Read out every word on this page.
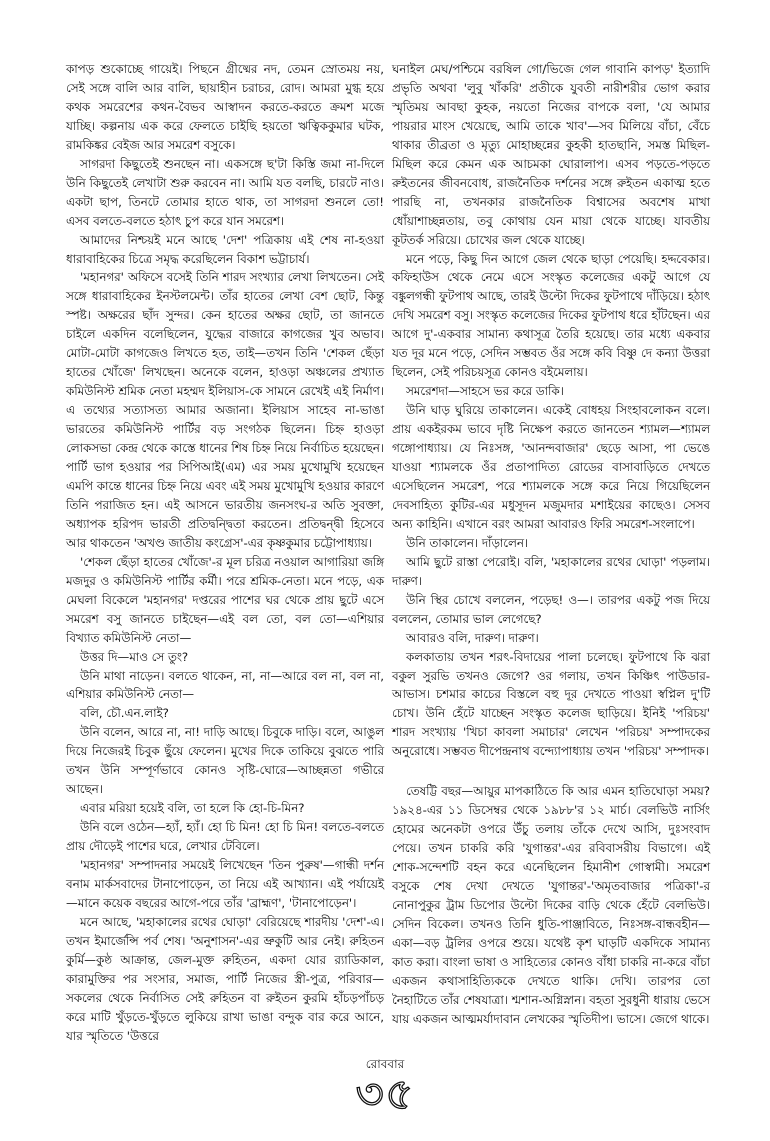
কাপড় শুকোচ্ছে গায়েই। পিছনে গ্রীষ্মের নদ, তেমন স্রোতময় নয়, সেই সঙ্গে বালি আর বালি, ছায়াহীন চরাচর, রোদ। আমরা মুগ্ধ হয়ে কথক সমরেশের কথন-বৈভব আস্বাদন করতে-করতে ক্রমশ মজে যাচ্ছি। কল্পনায় এক করে ফেলতে চাইছি হয়তো ঋত্বিককুমার ঘটক, রামকিঙ্কর বেইজ আর সমরেশ বসুকে।

সাগরদা কিছুতেই শুনছেন না। একসঙ্গে ছ'টা কিস্তি জমা না-দিলে উনি কিছুতেই লেখাটা শুরু করবেন না। আমি যত বলছি, চারটে নাও। একটা ছাপ, তিনটে তোমার হাতে থাক, তা সাগরদা শুনলে তো! এসব বলতে-বলতে হঠাৎ চুপ করে যান সমরেশ।

আমাদের নিশ্চয়ই মনে আছে 'দেশ' পত্রিকায় এই শেষ না-হওয়া ধারাবাহিকের চিত্রে সমৃদ্ধ করেছিলেন বিকাশ ভট্টাচার্য।

'মহানগর' অফিসে বসেই তিনি শারদ সংখ্যার লেখা লিখতেন। সেই সঙ্গে ধারাবাহিকের ইনস্টলমেন্ট। তাঁর হাতের লেখা বেশ ছোট, কিন্তু স্পষ্ট। অক্ষরের ছাঁদ সুন্দর। কেন হাতের অক্ষর ছোট, তা জানতে চাইলে একদিন বলেছিলেন, যুদ্ধের বাজারে কাগজের খুব অভাব। মোটা-মোটা কাগজেও লিখতে হত, তাই—তখন তিনি 'শেকল ছেঁড়া হাতের খোঁজে' লিখছেন। অনেকে বলেন, হাওড়া অঞ্চলের প্রখ্যাত কমিউনিস্ট শ্রমিক নেতা মহম্মদ ইলিয়াস-কে সামনে রেখেই এই নির্মাণ। এ তথ্যের সত্যাসত্য আমার অজানা। ইলিয়াস সাহেব না-ভাঙা ভারতের কমিউনিস্ট পার্টির বড় সংগঠক ছিলেন। চিহ্ন হাওড়া লোকসভা কেন্দ্র থেকে কাস্তে ধানের শিষ চিহ্ন নিয়ে নির্বাচিত হয়েছেন। পার্টি ভাগ হওয়ার পর সিপিআই(এম) এর সময় মুখোমুখি হয়েছেন এমপি কান্তে ধানের চিহ্ন নিয়ে এবং এই সময় মুখোমুখি হওয়ার কারণে তিনি পরাজিত হন। এই আসনে ভারতীয় জনসংঘ-র অতি সুবক্তা, অধ্যাপক হরিপদ ভারতী প্রতিদ্বন্দ্বিতা করতেন। প্রতিদ্বন্দ্বী হিসেবে আর থাকতেন 'অখণ্ড জাতীয় কংগ্রেস'-এর কৃষ্ণকুমার চট্টোপাধ্যায়।

'শেকল ছেঁড়া হাতের খোঁজে'-র মূল চরিত্র নওয়াল আগারিয়া জঙ্গি মজদুর ও কমিউনিস্ট পার্টির কর্মী। পরে শ্রমিক-নেতা। মনে পড়ে, এক মেঘলা বিকেলে 'মহানগর' দপ্তরের পাশের ঘর থেকে প্রায় ছুটে এসে সমরেশ বসু জানতে চাইছেন—এই বল তো, বল তো—এশিয়ার বিখ্যাত কমিউনিস্ট নেতা—

উত্তর দি—মাও সে তুং?

উনি মাথা নাড়েন। বলতে থাকেন, না, না—আরে বল না, বল না, এশিয়ার কমিউনিস্ট নেতা—

বলি, চৌ.এন.লাই?

উনি বলেন, আরে না, না! দাড়ি আছে। চিবুকে দাড়ি। বলে, আঙুল দিয়ে নিজেরই চিবুক ছুঁয়ে ফেলেন। মুখের দিকে তাকিয়ে বুঝতে পারি তখন উনি সম্পূর্ণভাবে কোনও সৃষ্টি-ঘোরে—আচ্ছন্নতা গভীরে আছেন।

এবার মরিয়া হয়েই বলি, তা হলে কি হো-চি-মিন?

উনি বলে ওঠেন—হ্যাঁ, হ্যাঁ। হো চি মিন! হো চি মিন! বলতে-বলতে প্রায় দৌড়েই পাশের ঘরে, লেখার টেবিলে।

'মহানগর' সম্পাদনার সময়েই লিখেছেন 'তিন পুরুষ'—গান্ধী দর্শন বনাম মার্কসবাদের টানাপোড়েন, তা নিয়ে এই আখ্যান। এই পর্যায়েই—মানে কয়েক বছরের আগে-পরে তাঁর 'ব্রাহ্মণ', 'টানাপোড়েন'।

মনে আছে, 'মহাকালের রথের ঘোড়া' বেরিয়েছে শারদীয় 'দেশ'-এ। তখন ইমার্জেন্সি পর্ব শেষ। 'অনুশাসন'-এর ভ্রুকুটি আর নেই। রুহিতন কুর্মি—কুষ্ঠ আক্রান্ত, জেল-মুক্ত রুহিতন, একদা যোর র‍্যাডিকাল, কারামুক্তির পর সংসার, সমাজ, পার্টি নিজের স্ত্রী-পুত্র, পরিবার—সকলের থেকে নির্বাসিত সেই রুহিতন বা রুইতন কুরমি হাঁচড়পাঁচড় করে মাটি খুঁড়তে-খুঁড়তে লুকিয়ে রাখা ভাঙা বন্দুক বার করে আনে, যার স্মৃতিতে 'উত্তরে

ঘনাইল মেঘ/পশ্চিমে বরষিল গো/ভিজে গেল গাবানি কাপড়' ইত্যাদি প্রভৃতি অথবা 'লুবু খাঁকরি' প্রতীকে যুবতী নারীশরীর ভোগ করার স্মৃতিময় আবছা কুহক, নয়তো নিজের বাপকে বলা, 'যে আমার পায়রার মাংস খেয়েছে, আমি তাকে খাব'—সব মিলিয়ে বাঁচা, বেঁচে থাকার তীব্রতা ও মৃত্যু মোহাচ্ছন্নের কুহকী হাতছানি, সমস্ত মিছিল-মিছিল করে কেমন এক আচমকা ঘোরালাপ। এসব পড়তে-পড়তে রুইতনের জীবনবোধ, রাজনৈতিক দর্শনের সঙ্গে রুইতন একাত্ম হতে পারছি না, তখনকার রাজনৈতিক বিশ্বাসের অবশেষ মাখা ধোঁয়াশাচ্ছন্নতায়, তবু কোথায় যেন মায়া থেকে যাচ্ছে। যাবতীয় কূটতর্ক সরিয়ে। চোখের জল থেকে যাচ্ছে।

মনে পড়ে, কিছু দিন আগে জেল থেকে ছাড়া পেয়েছি। হদ্দবেকার। কফিহাউস থেকে নেমে এসে সংস্কৃত কলেজের একটু আগে যে বঙ্কুলগন্ধী ফুটপাথ আছে, তারই উল্টো দিকের ফুটপাথে দাঁড়িয়ে। হঠাৎ দেখি সমরেশ বসু। সংস্কৃত কলেজের দিকের ফুটপাথ ধরে হাঁটছেন। এর আগে দু'-একবার সামান্য কথাসূত্র তৈরি হয়েছে। তার মধ্যে একবার যত দূর মনে পড়ে, সেদিন সম্ভবত ওঁর সঙ্গে কবি বিষ্ণু দে কন্যা উত্তরা ছিলেন, সেই পরিচয়সূত্র কোনও বইমেলায়।

সমরেশদা—সাহসে ভর করে ডাকি।

উনি ঘাড় ঘুরিয়ে তাকালেন। একেই বোধহয় সিংহাবলোকন বলে। প্রায় একইরকম ভাবে দৃষ্টি নিক্ষেপ করতে জানতেন শ্যামল—শ্যামল গঙ্গোপাধ্যায়। যে নিঃসঙ্গ, 'আনন্দবাজার' ছেড়ে আসা, পা ভেঙে যাওয়া শ্যামলকে ওঁর প্রতাপাদিত্য রোডের বাসাবাড়িতে দেখতে এসেছিলেন সমরেশ, পরে শ্যামলকে সঙ্গে করে নিয়ে গিয়েছিলেন দেবসাহিত্য কুটির-এর মধুসূদন মজুমদার মশাইয়ের কাছেও। সেসব অন্য কাহিনি। এখানে বরং আমরা আবারও ফিরি সমরেশ-সংলাপে।

উনি তাকালেন। দাঁড়ালেন।

আমি ছুটে রাস্তা পেরোই। বলি, 'মহাকালের রথের ঘোড়া' পড়লাম। দারুণ।

উনি স্থির চোখে বললেন, পড়েছ! ও—। তারপর একটু পজ দিয়ে বললেন, তোমার ভাল লেগেছে?

আবারও বলি, দারুণ। দারুণ।

কলকাতায় তখন শরৎ-বিদায়ের পালা চলেছে। ফুটপাথে কি ঝরা বকুল সুরভি তখনও জেগে? ওর গলায়, তখন কিঞ্চিৎ পাউডার-আভাস। চশমার কাচের বিস্তলে বহু দূর দেখতে পাওয়া স্বপ্নিল দু'টি চোখ। উনি হেঁটে যাচ্ছেন সংস্কৃত কলেজ ছাড়িয়ে। ইনিই 'পরিচয়' শারদ সংখ্যায় 'খিচা কাবলা সমাচার' লেখেন 'পরিচয়' সম্পাদকের অনুরোধে। সম্ভবত দীপেন্দ্রনাথ বন্দ্যোপাধ্যায় তখন 'পরিচয়' সম্পাদক।

তেষট্টি বছর—আয়ুর মাপকাঠিতে কি আর এমন হাতিঘোড়া সময়? ১৯২৪-এর ১১ ডিসেম্বর থেকে ১৯৮৮'র ১২ মার্চ। বেলভিউ নার্সিং হোমের অনেকটা ওপরে উঁচু তলায় তাঁকে দেখে আসি, দুঃসংবাদ পেয়ে। তখন চাকরি করি 'যুগান্তর'-এর রবিবাসরীয় বিভাগে। এই শোক-সন্দেশটি বহন করে এনেছিলেন হিমানীশ গোস্বামী। সমরেশ বসুকে শেষ দেখা দেখতে 'যুগান্তর'-'অমৃতবাজার পত্রিকা'-র নোনাপুকুর ট্রাম ডিপোর উল্টো দিকের বাড়ি থেকে হেঁটে বেলভিউ। সেদিন বিকেল। তখনও তিনি ধুতি-পাঞ্জাবিতে, নিঃসঙ্গ-বান্ধবহীন—একা—বড় ট্রলির ওপরে শুয়ে। যথেষ্ট কৃশ ঘাড়টি একদিকে সামান্য কাত করা। বাংলা ভাষা ও সাহিত্যের কোনও বাঁধা চাকরি না-করে বাঁচা একজন কথাসাহিত্যিককে দেখতে থাকি। দেখি। তারপর তো নৈহাটিতে তাঁর শেষযাত্রা। শ্মশান-অগ্নিস্নান। বহতা সুরধুনী ধারায় ভেসে যায় একজন আত্মমর্যাদাবান লেখকের স্মৃতিদীপ। ভাসে। জেগে থাকে।

রোববার
৩৫
